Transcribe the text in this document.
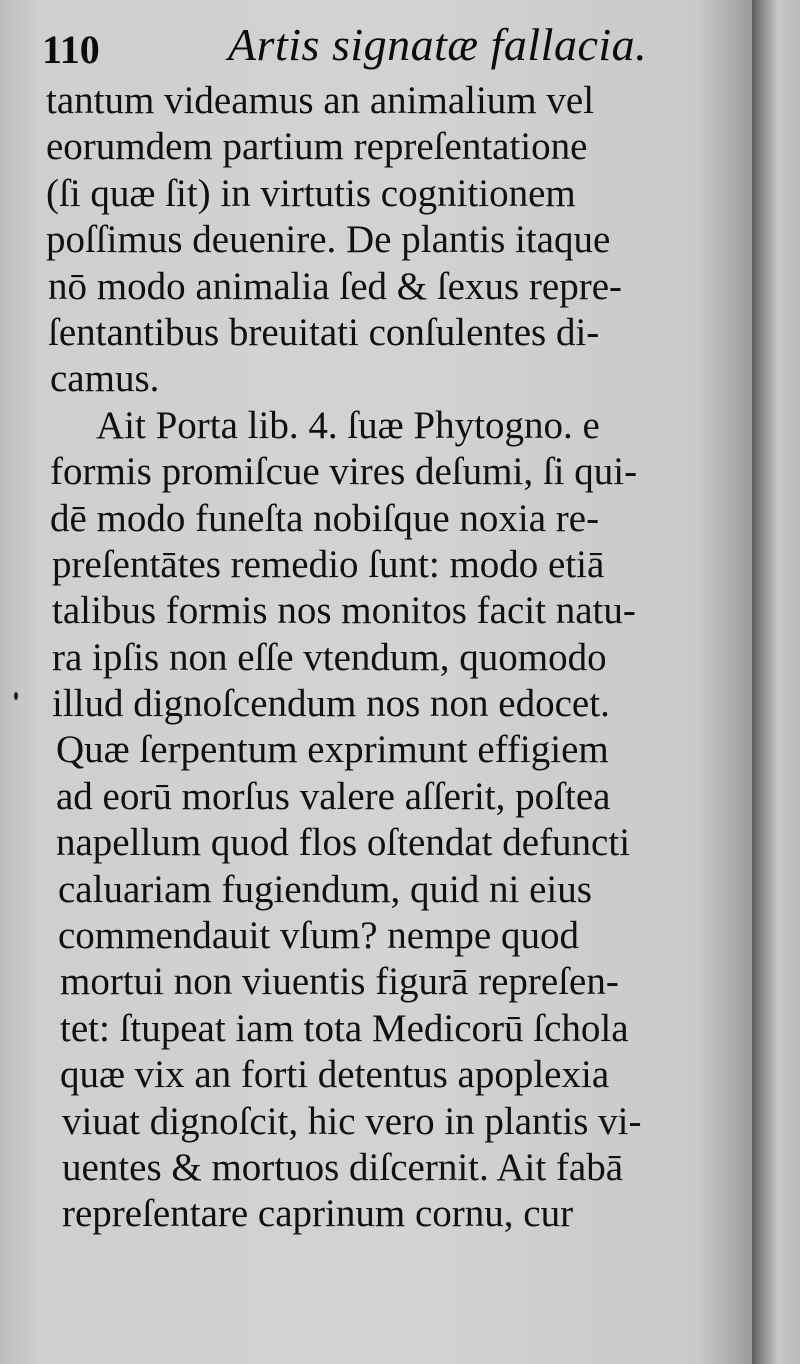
110	Artis signatæ fallacia.
tantum videamus an animalium vel
eorumdem partium repreſentatione
(ſi quæ ſit) in virtutis cognitionem
poſſimus deuenire. De plantis itaque
nō modo animalia ſed & ſexus repre-
ſentantibus breuitati conſulentes di-
camus.
Ait Porta lib. 4. ſuæ Phytogno. e
formis promiſcue vires deſumi, ſi qui-
dē modo funeſta nobiſque noxia re-
preſentātes remedio ſunt: modo etiā
talibus formis nos monitos facit natu-
ra ipſis non eſſe vtendum, quomodo
illud dignoſcendum nos non edocet.
Quæ ſerpentum exprimunt effigiem
ad eorū morſus valere aſſerit, poſtea
napellum quod flos oſtendat defuncti
caluariam fugiendum, quid ni eius
commendauit vſum? nempe quod
mortui non viuentis figurā repreſen-
tet: ſtupeat iam tota Medicorū ſchola
quæ vix an forti detentus apoplexia
viuat dignoſcit, hic vero in plantis vi-
uentes & mortuos diſcernit. Ait fabā
repreſentare caprinum cornu, cur
